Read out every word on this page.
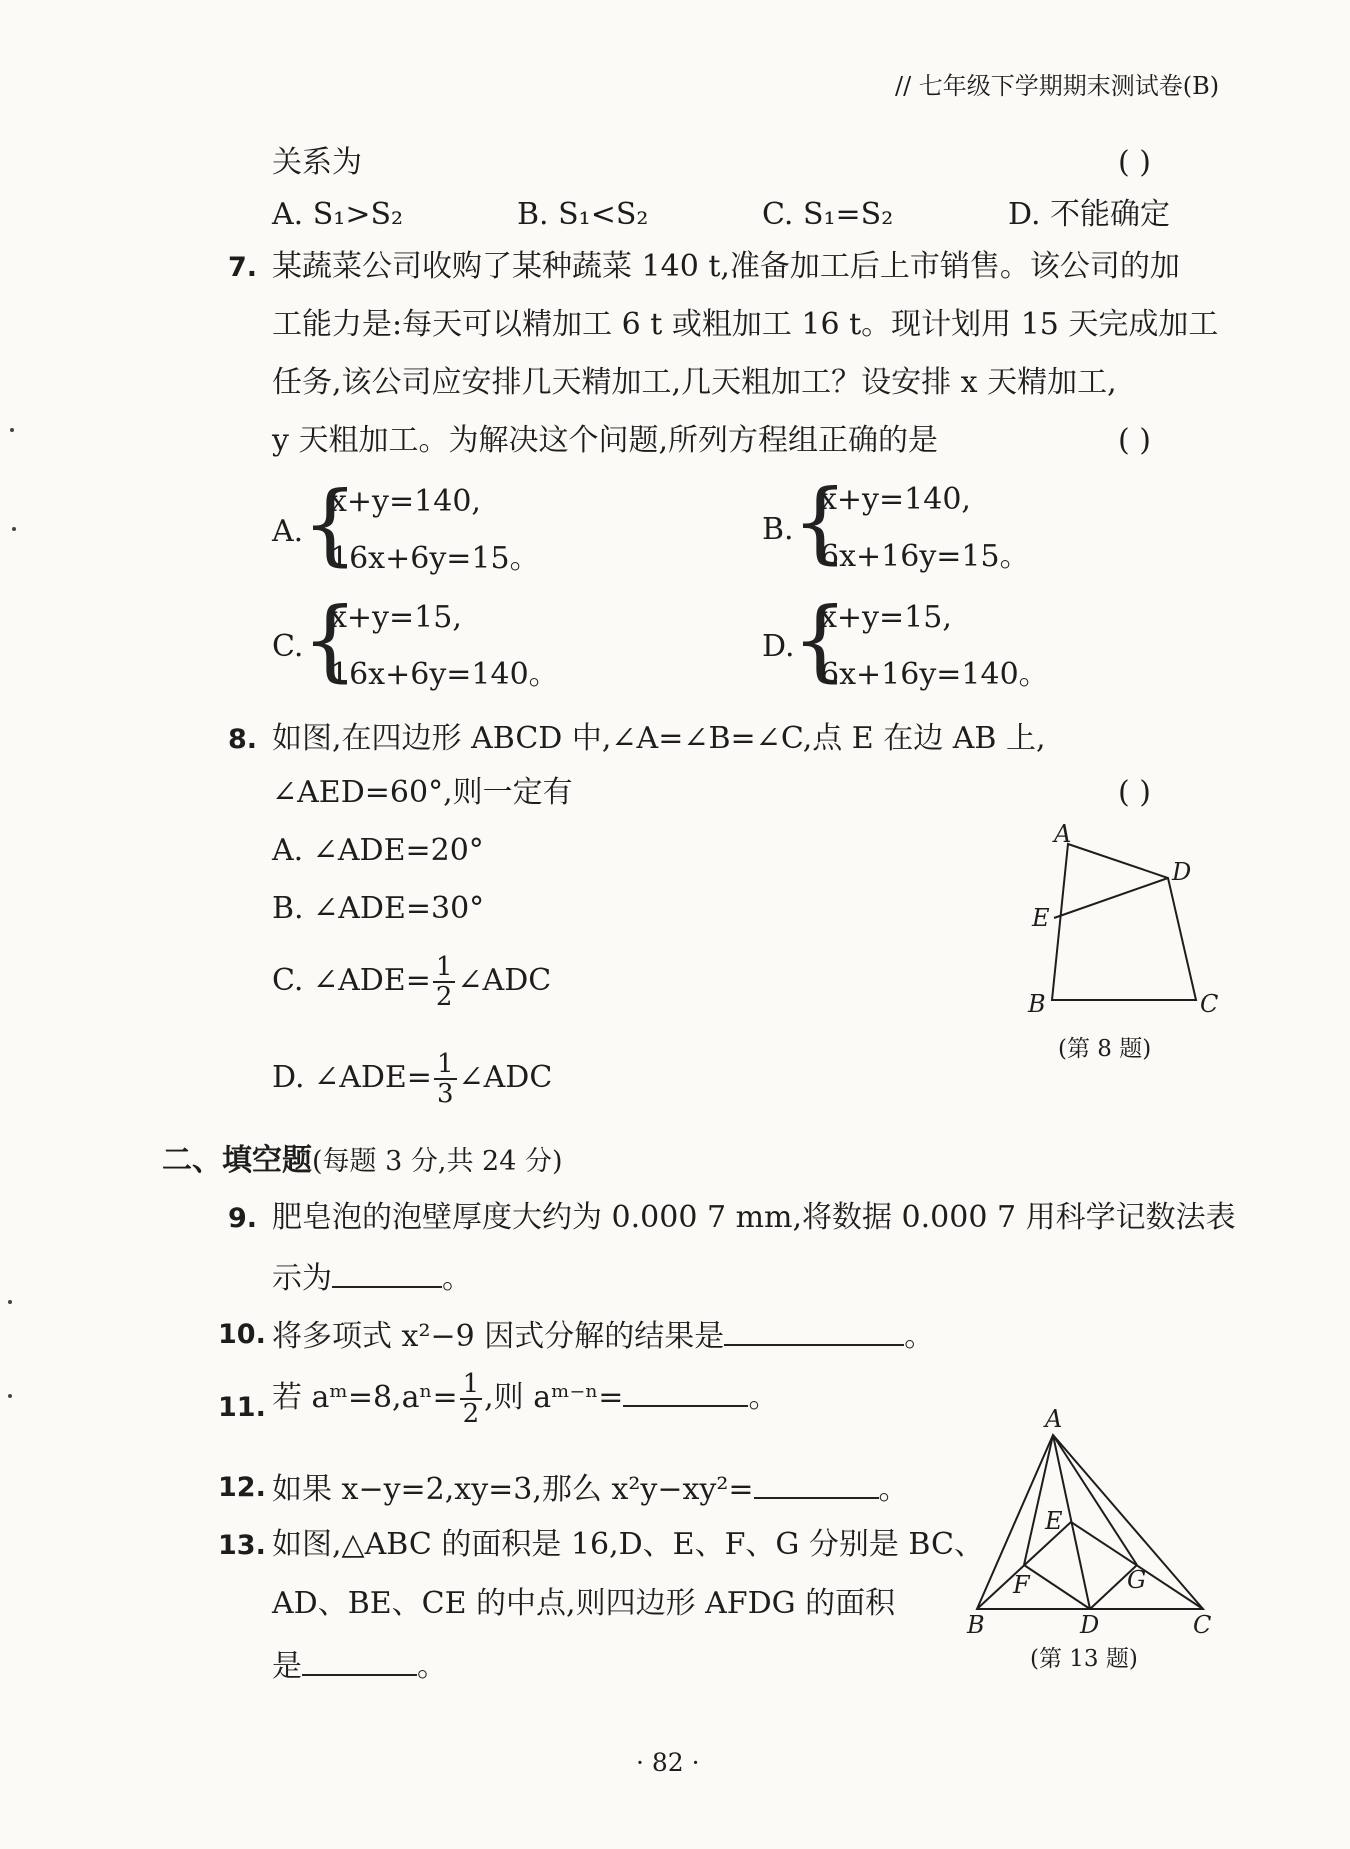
// 七年级下学期期末测试卷(B)
关系为	( )
A. S₁>S₂	B. S₁<S₂	C. S₁=S₂	D. 不能确定
7. 某蔬菜公司收购了某种蔬菜 140 t,准备加工后上市销售。该公司的加
工能力是:每天可以精加工 6 t 或粗加工 16 t。现计划用 15 天完成加工
任务,该公司应安排几天精加工,几天粗加工？设安排 x 天精加工,
y 天粗加工。为解决这个问题,所列方程组正确的是	( )
A.
{
x+y=140,
16x+6y=15。
B.
{
x+y=140,
6x+16y=15。
C.
{
x+y=15,
16x+6y=140。
D.
{
x+y=15,
6x+16y=140。
8. 如图,在四边形 ABCD 中,∠A=∠B=∠C,点 E 在边 AB 上,
∠AED=60°,则一定有	( )
A. ∠ADE=20°
B. ∠ADE=30°
C. ∠ADE= $\frac{1}{2}$ ∠ADC
D. ∠ADE= $\frac{1}{3}$ ∠ADC
A
D
E
B	C
(第 8 题)
二、填空题(每题 3 分,共 24 分)
9. 肥皂泡的泡壁厚度大约为 0.000 7 mm,将数据 0.000 7 用科学记数法表
示为	。
10. 将多项式 x²−9 因式分解的结果是	。
11. 若 aᵐ=8,aⁿ= $\frac{1}{2}$ ,则 aᵐ⁻ⁿ=	。
12. 如果 x−y=2,xy=3,那么 x²y−xy²=	。
13. 如图,△ABC 的面积是 16,D、E、F、G 分别是 BC、
AD、BE、CE 的中点,则四边形 AFDG 的面积
是	。
A
E
F	G
B	D	C
(第 13 题)
· 82 ·
